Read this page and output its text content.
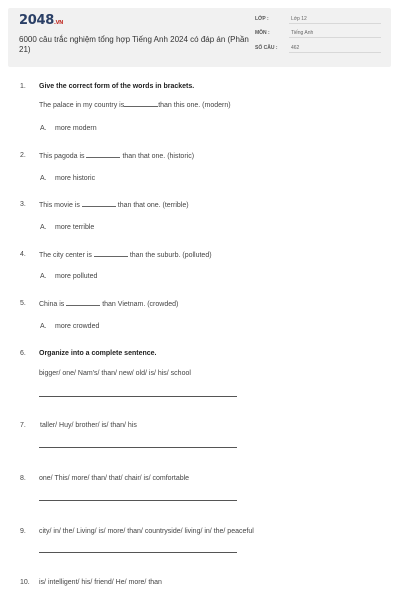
2048.VN
6000 câu trắc nghiệm tổng hợp Tiếng Anh 2024 có đáp án (Phần 21)
LỚP :	Lớp 12
MÔN :	Tiếng Anh
SỐ CÂU :	462
1. Give the correct form of the words in brackets.
The palace in my country is	than this one. (modern)
A. more modern
2. This pagoda is	than that one. (historic)
A. more historic
3. This movie is	than that one. (terrible)
A. more terrible
4. The city center is	than the suburb. (polluted)
A. more polluted
5. China is	than Vietnam. (crowded)
A. more crowded
6. Organize into a complete sentence.
bigger/ one/ Nam's/ than/ new/ old/ is/ his/ school
7. taller/ Huy/ brother/ is/ than/ his
8. one/ This/ more/ than/ that/ chair/ is/ comfortable
9. city/ in/ the/ Living/ is/ more/ than/ countryside/ living/ in/ the/ peaceful
10. is/ intelligent/ his/ friend/ He/ more/ than
